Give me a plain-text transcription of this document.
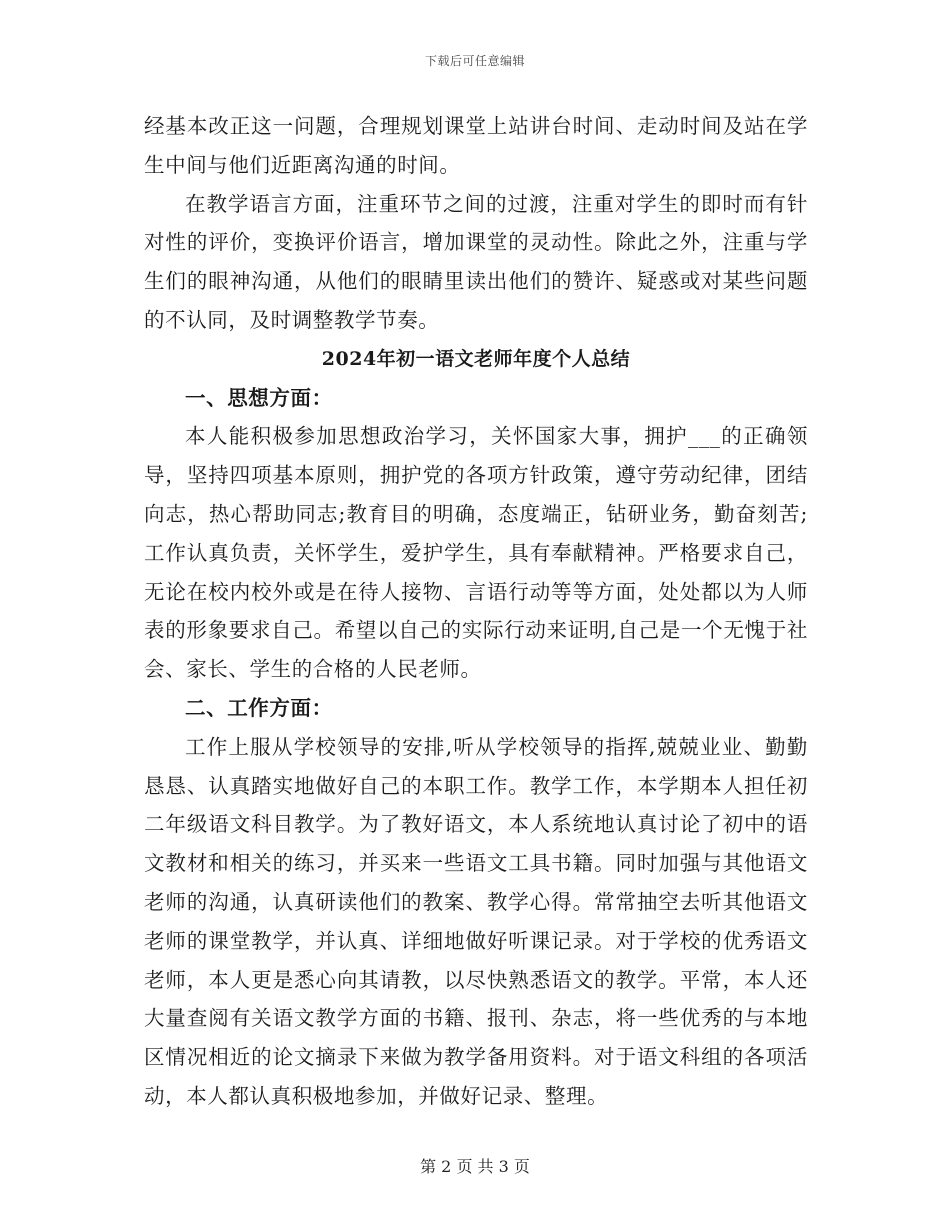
下载后可任意编辑

经基本改正这一问题，合理规划课堂上站讲台时间、走动时间及站在学生中间与他们近距离沟通的时间。

在教学语言方面，注重环节之间的过渡，注重对学生的即时而有针对性的评价，变换评价语言，增加课堂的灵动性。除此之外，注重与学生们的眼神沟通，从他们的眼睛里读出他们的赞许、疑惑或对某些问题的不认同，及时调整教学节奏。

2024年初一语文老师年度个人总结

一、思想方面：

本人能积极参加思想政治学习，关怀国家大事，拥护___的正确领导，坚持四项基本原则，拥护党的各项方针政策，遵守劳动纪律，团结向志，热心帮助同志;教育目的明确，态度端正，钻研业务，勤奋刻苦;工作认真负责，关怀学生，爱护学生，具有奉献精神。严格要求自己，无论在校内校外或是在待人接物、言语行动等等方面，处处都以为人师表的形象要求自己。希望以自己的实际行动来证明,自己是一个无愧于社会、家长、学生的合格的人民老师。

二、工作方面：

工作上服从学校领导的安排,听从学校领导的指挥,兢兢业业、勤勤恳恳、认真踏实地做好自己的本职工作。教学工作，本学期本人担任初二年级语文科目教学。为了教好语文，本人系统地认真讨论了初中的语文教材和相关的练习，并买来一些语文工具书籍。同时加强与其他语文老师的沟通，认真研读他们的教案、教学心得。常常抽空去听其他语文老师的课堂教学，并认真、详细地做好听课记录。对于学校的优秀语文老师，本人更是悉心向其请教，以尽快熟悉语文的教学。平常，本人还大量查阅有关语文教学方面的书籍、报刊、杂志，将一些优秀的与本地区情况相近的论文摘录下来做为教学备用资料。对于语文科组的各项活动，本人都认真积极地参加，并做好记录、整理。

第 2 页 共 3 页
